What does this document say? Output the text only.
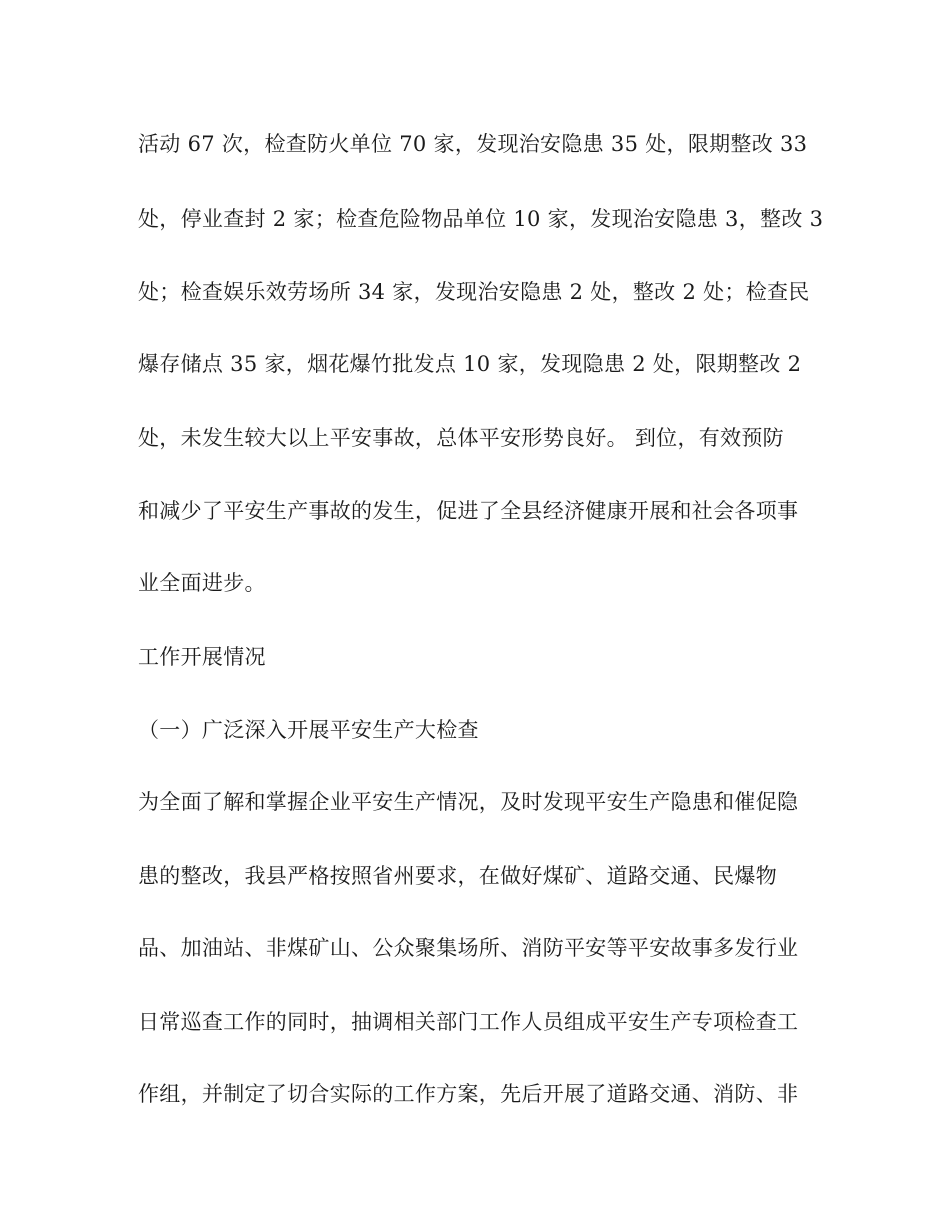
活动 67 次，检查防火单位 70 家，发现治安隐患 35 处，限期整改 33

处，停业查封 2 家；检查危险物品单位 10 家，发现治安隐患 3，整改 3

处；检查娱乐效劳场所 34 家，发现治安隐患 2 处，整改 2 处；检查民

爆存储点 35 家，烟花爆竹批发点 10 家，发现隐患 2 处，限期整改 2

处，未发生较大以上平安事故，总体平安形势良好。 到位，有效预防

和减少了平安生产事故的发生，促进了全县经济健康开展和社会各项事

业全面进步。

工作开展情况

（一）广泛深入开展平安生产大检查

为全面了解和掌握企业平安生产情况，及时发现平安生产隐患和催促隐

患的整改，我县严格按照省州要求，在做好煤矿、道路交通、民爆物

品、加油站、非煤矿山、公众聚集场所、消防平安等平安故事多发行业

日常巡查工作的同时，抽调相关部门工作人员组成平安生产专项检查工

作组，并制定了切合实际的工作方案，先后开展了道路交通、消防、非
